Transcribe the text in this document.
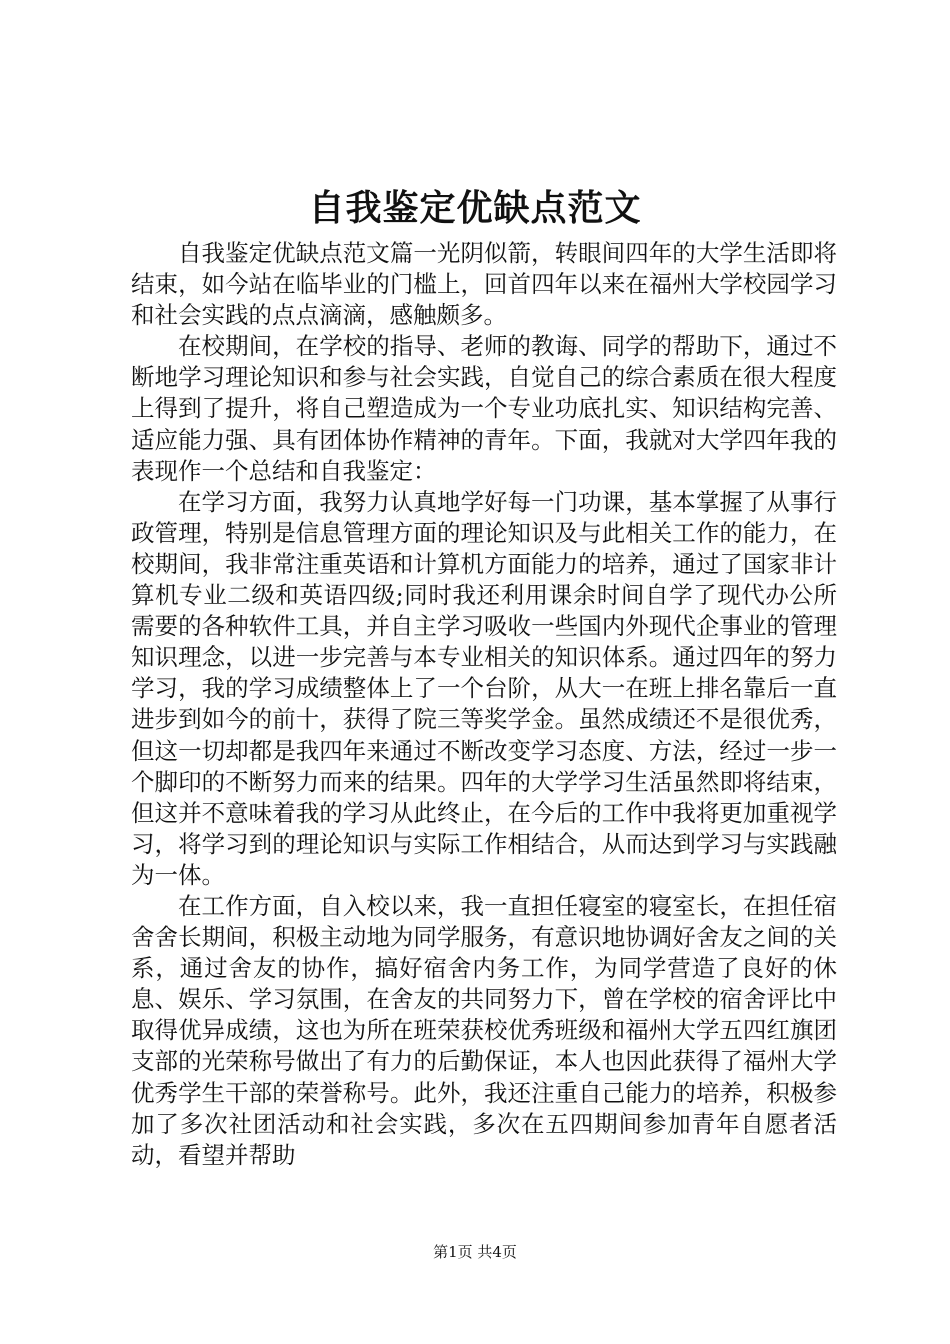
自我鉴定优缺点范文

自我鉴定优缺点范文篇一光阴似箭，转眼间四年的大学生活即将结束，如今站在临毕业的门槛上，回首四年以来在福州大学校园学习和社会实践的点点滴滴，感触颇多。

在校期间，在学校的指导、老师的教诲、同学的帮助下，通过不断地学习理论知识和参与社会实践，自觉自己的综合素质在很大程度上得到了提升，将自己塑造成为一个专业功底扎实、知识结构完善、适应能力强、具有团体协作精神的青年。下面，我就对大学四年我的表现作一个总结和自我鉴定：

在学习方面，我努力认真地学好每一门功课，基本掌握了从事行政管理，特别是信息管理方面的理论知识及与此相关工作的能力，在校期间，我非常注重英语和计算机方面能力的培养，通过了国家非计算机专业二级和英语四级;同时我还利用课余时间自学了现代办公所需要的各种软件工具，并自主学习吸收一些国内外现代企事业的管理知识理念，以进一步完善与本专业相关的知识体系。通过四年的努力学习，我的学习成绩整体上了一个台阶，从大一在班上排名靠后一直进步到如今的前十，获得了院三等奖学金。虽然成绩还不是很优秀，但这一切却都是我四年来通过不断改变学习态度、方法，经过一步一个脚印的不断努力而来的结果。四年的大学学习生活虽然即将结束，但这并不意味着我的学习从此终止，在今后的工作中我将更加重视学习，将学习到的理论知识与实际工作相结合，从而达到学习与实践融为一体。

在工作方面，自入校以来，我一直担任寝室的寝室长，在担任宿舍舍长期间，积极主动地为同学服务，有意识地协调好舍友之间的关系，通过舍友的协作，搞好宿舍内务工作，为同学营造了良好的休息、娱乐、学习氛围，在舍友的共同努力下，曾在学校的宿舍评比中取得优异成绩，这也为所在班荣获校优秀班级和福州大学五四红旗团支部的光荣称号做出了有力的后勤保证，本人也因此获得了福州大学优秀学生干部的荣誉称号。此外，我还注重自己能力的培养，积极参加了多次社团活动和社会实践，多次在五四期间参加青年自愿者活动，看望并帮助

第1页 共4页
